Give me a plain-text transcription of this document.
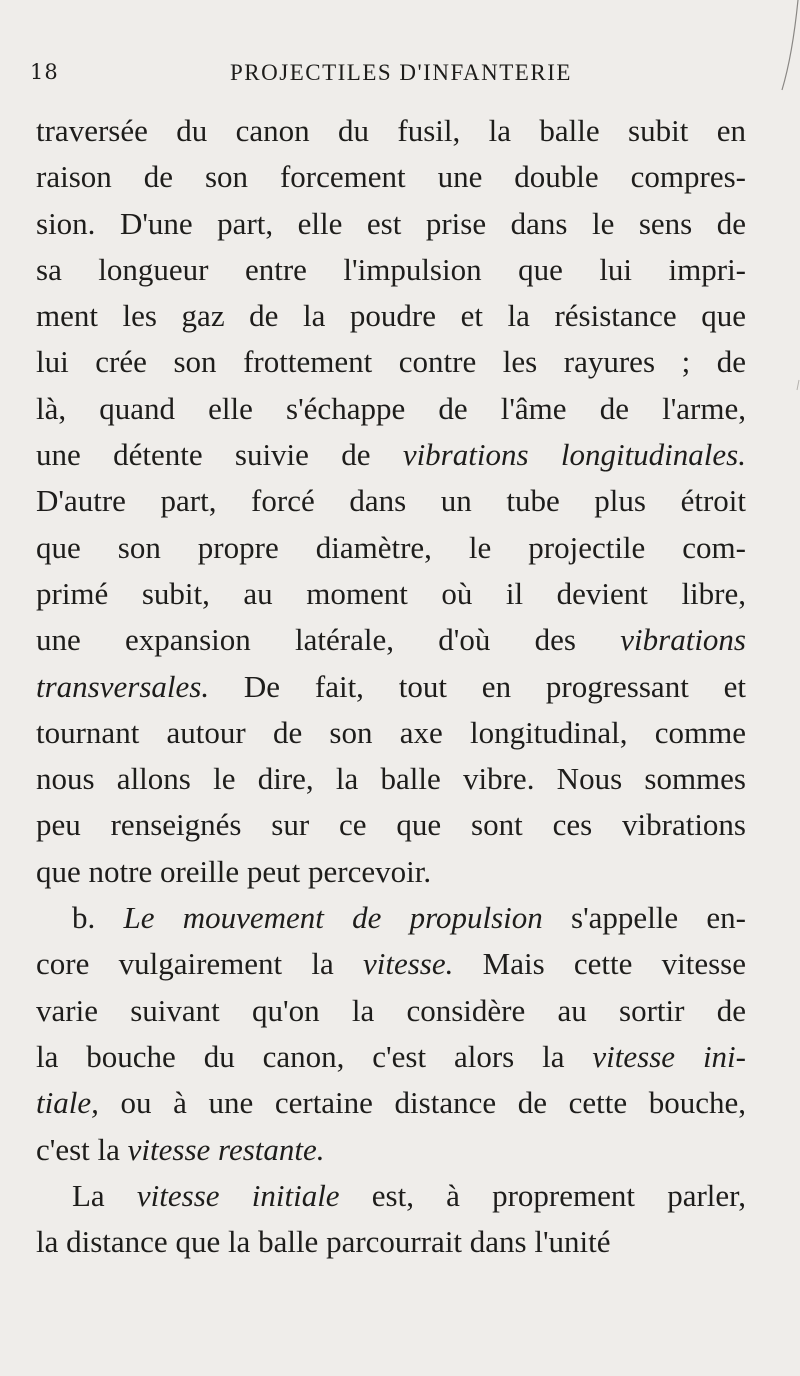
18	PROJECTILES D'INFANTERIE
traversée du canon du fusil, la balle subit en
raison de son forcement une double compres-
sion. D'une part, elle est prise dans le sens de
sa longueur entre l'impulsion que lui impri-
ment les gaz de la poudre et la résistance que
lui crée son frottement contre les rayures ; de
là, quand elle s'échappe de l'âme de l'arme,
une détente suivie de vibrations longitudinales.
D'autre part, forcé dans un tube plus étroit
que son propre diamètre, le projectile com-
primé subit, au moment où il devient libre,
une expansion latérale, d'où des vibrations
transversales. De fait, tout en progressant et
tournant autour de son axe longitudinal, comme
nous allons le dire, la balle vibre. Nous sommes
peu renseignés sur ce que sont ces vibrations
que notre oreille peut percevoir.
b. Le mouvement de propulsion s'appelle en-
core vulgairement la vitesse. Mais cette vitesse
varie suivant qu'on la considère au sortir de
la bouche du canon, c'est alors la vitesse ini-
tiale, ou à une certaine distance de cette bouche,
c'est la vitesse restante.
La vitesse initiale est, à proprement parler,
la distance que la balle parcourrait dans l'unité
